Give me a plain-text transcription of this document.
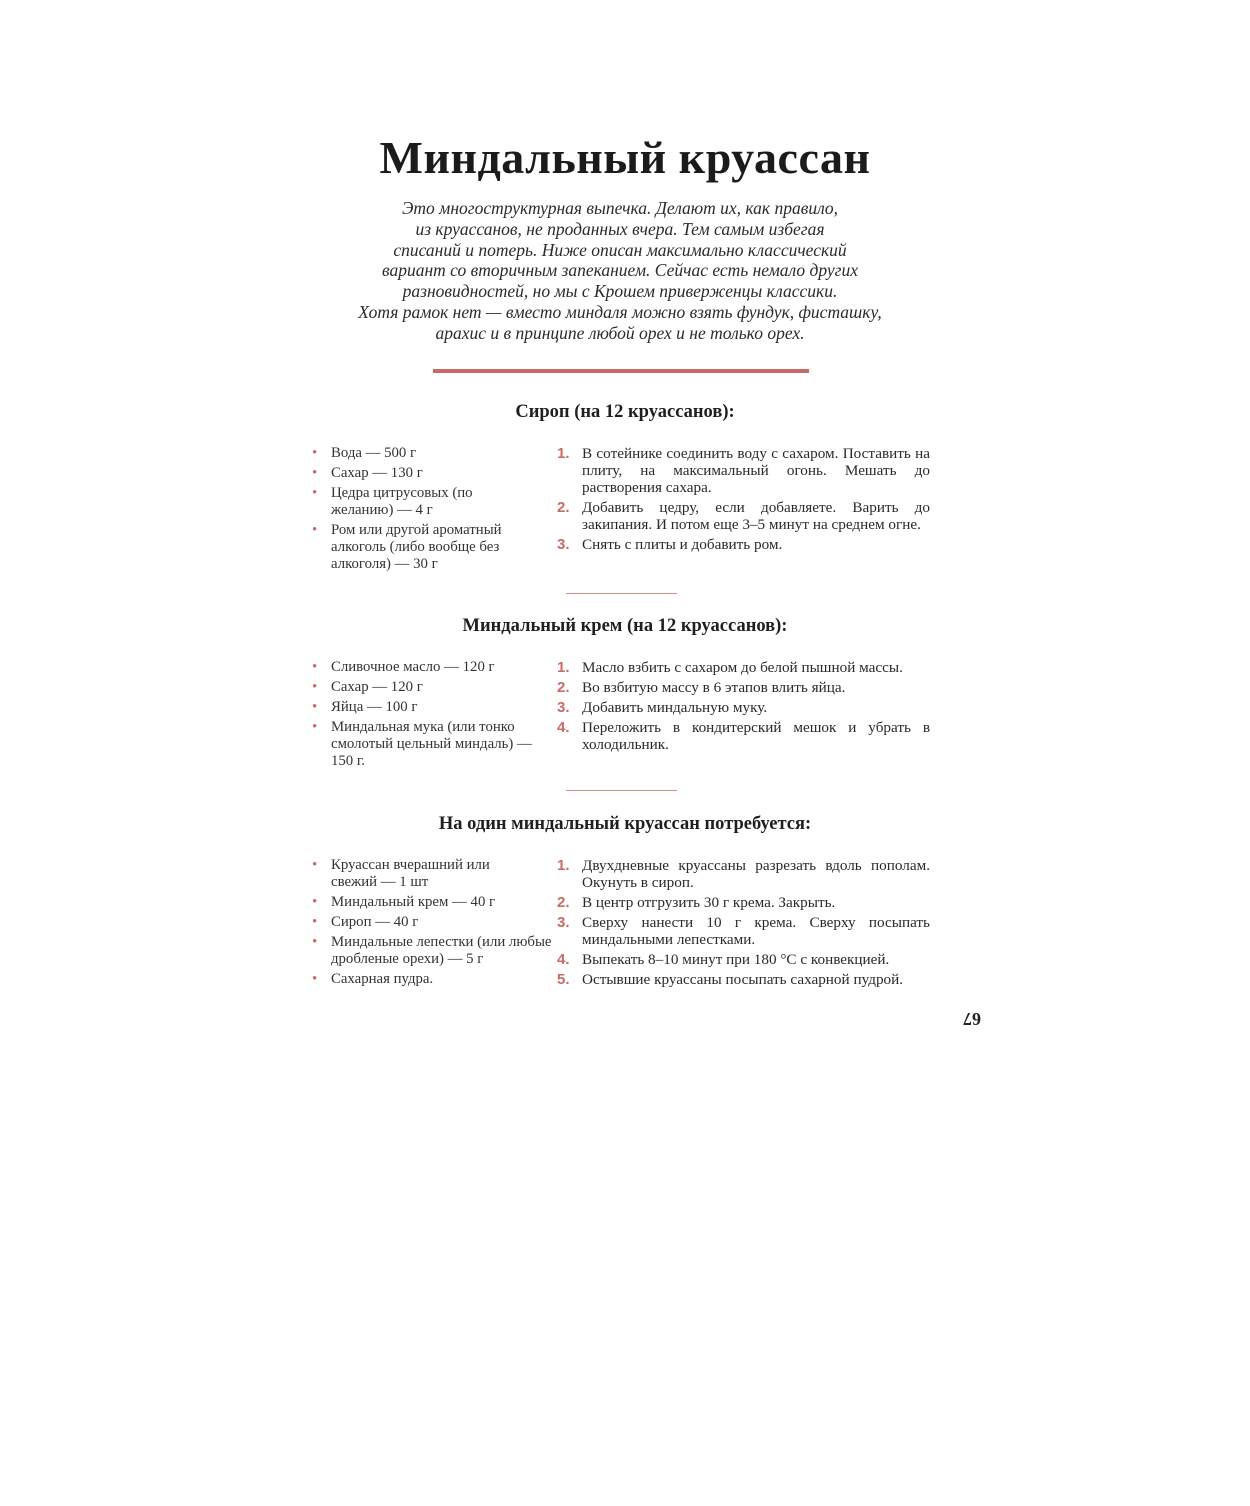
Миндальный круассан
Это многоструктурная выпечка. Делают их, как правило,
из круассанов, не проданных вчера. Тем самым избегая
списаний и потерь. Ниже описан максимально классический
вариант со вторичным запеканием. Сейчас есть немало других
разновидностей, но мы с Крошем приверженцы классики.
Хотя рамок нет — вместо миндаля можно взять фундук, фисташку,
арахис и в принципе любой орех и не только орех.
Сироп (на 12 круассанов):
• Вода — 500 г
• Сахар — 130 г
• Цедра цитрусовых (по желанию) — 4 г
• Ром или другой ароматный алкоголь (либо вообще без алкоголя) — 30 г
1. В сотейнике соединить воду с сахаром. Поставить на плиту, на максимальный огонь. Мешать до растворения сахара.
2. Добавить цедру, если добавляете. Варить до закипания. И потом еще 3–5 минут на среднем огне.
3. Снять с плиты и добавить ром.
Миндальный крем (на 12 круассанов):
• Сливочное масло — 120 г
• Сахар — 120 г
• Яйца — 100 г
• Миндальная мука (или тонко смолотый цельный миндаль) — 150 г.
1. Масло взбить с сахаром до белой пышной массы.
2. Во взбитую массу в 6 этапов влить яйца.
3. Добавить миндальную муку.
4. Переложить в кондитерский мешок и убрать в холодильник.
На один миндальный круассан потребуется:
• Круассан вчерашний или свежий — 1 шт
• Миндальный крем — 40 г
• Сироп — 40 г
• Миндальные лепестки (или любые дробленые орехи) — 5 г
• Сахарная пудра.
1. Двухдневные круассаны разрезать вдоль пополам. Окунуть в сироп.
2. В центр отгрузить 30 г крема. Закрыть.
3. Сверху нанести 10 г крема. Сверху посыпать миндальными лепестками.
4. Выпекать 8–10 минут при 180 °С с конвекцией.
5. Остывшие круассаны посыпать сахарной пудрой.
67
